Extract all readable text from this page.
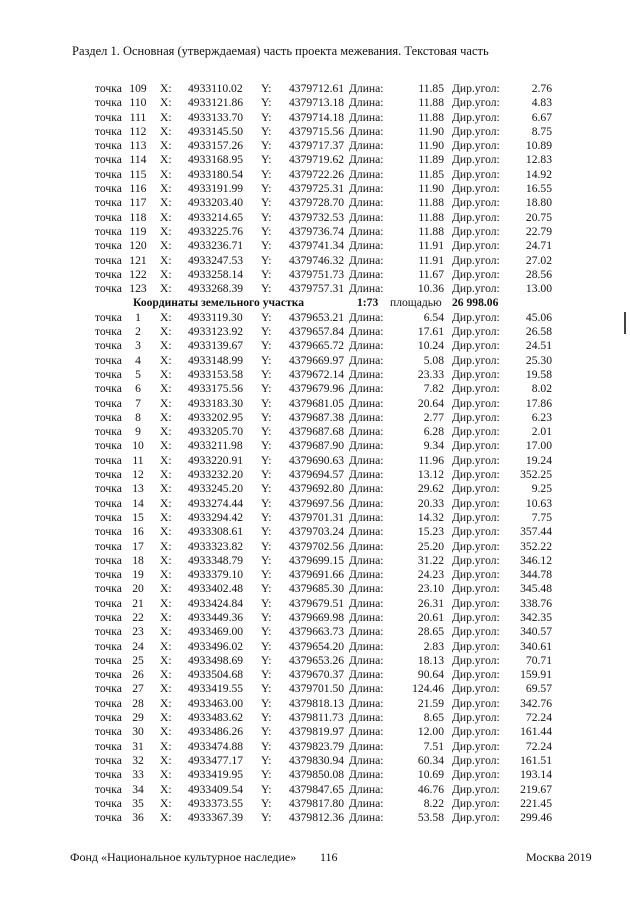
Раздел 1. Основная (утверждаемая) часть проекта межевания. Текстовая часть
точка 109	X: 4933110.02 Y: 4379712.61 Длина:	11.85 Дир.угол:	2.76
точка 110	X: 4933121.86 Y: 4379713.18 Длина:	11.88 Дир.угол:	4.83
точка 111	X: 4933133.70 Y: 4379714.18 Длина:	11.88 Дир.угол:	6.67
точка 112	X: 4933145.50 Y: 4379715.56 Длина:	11.90 Дир.угол:	8.75
точка 113	X: 4933157.26 Y: 4379717.37 Длина:	11.90 Дир.угол:	10.89
точка 114	X: 4933168.95 Y: 4379719.62 Длина:	11.89 Дир.угол:	12.83
точка 115	X: 4933180.54 Y: 4379722.26 Длина:	11.85 Дир.угол:	14.92
точка 116	X: 4933191.99 Y: 4379725.31 Длина:	11.90 Дир.угол:	16.55
точка 117	X: 4933203.40 Y: 4379728.70 Длина:	11.88 Дир.угол:	18.80
точка 118	X: 4933214.65 Y: 4379732.53 Длина:	11.88 Дир.угол:	20.75
точка 119	X: 4933225.76 Y: 4379736.74 Длина:	11.88 Дир.угол:	22.79
точка 120	X: 4933236.71 Y: 4379741.34 Длина:	11.91 Дир.угол:	24.71
точка 121	X: 4933247.53 Y: 4379746.32 Длина:	11.91 Дир.угол:	27.02
точка 122	X: 4933258.14 Y: 4379751.73 Длина:	11.67 Дир.угол:	28.56
точка 123	X: 4933268.39 Y: 4379757.31 Длина:	10.36 Дир.угол:	13.00
Координаты земельного участка	1:73 площадью 26 998.06
точка	1	X: 4933119.30 Y: 4379653.21 Длина:	6.54 Дир.угол:	45.06
точка	2	X: 4933123.92 Y: 4379657.84 Длина:	17.61 Дир.угол:	26.58
точка	3	X: 4933139.67 Y: 4379665.72 Длина:	10.24 Дир.угол:	24.51
точка	4	X: 4933148.99 Y: 4379669.97 Длина:	5.08 Дир.угол:	25.30
точка	5	X: 4933153.58 Y: 4379672.14 Длина:	23.33 Дир.угол:	19.58
точка	6	X: 4933175.56 Y: 4379679.96 Длина:	7.82 Дир.угол:	8.02
точка	7	X: 4933183.30 Y: 4379681.05 Длина:	20.64 Дир.угол:	17.86
точка	8	X: 4933202.95 Y: 4379687.38 Длина:	2.77 Дир.угол:	6.23
точка	9	X: 4933205.70 Y: 4379687.68 Длина:	6.28 Дир.угол:	2.01
точка 10	X: 4933211.98 Y: 4379687.90 Длина:	9.34 Дир.угол:	17.00
точка 11	X: 4933220.91 Y: 4379690.63 Длина:	11.96 Дир.угол:	19.24
точка 12	X: 4933232.20 Y: 4379694.57 Длина:	13.12 Дир.угол:	352.25
точка 13	X: 4933245.20 Y: 4379692.80 Длина:	29.62 Дир.угол:	9.25
точка 14	X: 4933274.44 Y: 4379697.56 Длина:	20.33 Дир.угол:	10.63
точка 15	X: 4933294.42 Y: 4379701.31 Длина:	14.32 Дир.угол:	7.75
точка 16	X: 4933308.61 Y: 4379703.24 Длина:	15.23 Дир.угол:	357.44
точка 17	X: 4933323.82 Y: 4379702.56 Длина:	25.20 Дир.угол:	352.22
точка 18	X: 4933348.79 Y: 4379699.15 Длина:	31.22 Дир.угол:	346.12
точка 19	X: 4933379.10 Y: 4379691.66 Длина:	24.23 Дир.угол:	344.78
точка 20	X: 4933402.48 Y: 4379685.30 Длина:	23.10 Дир.угол:	345.48
точка 21	X: 4933424.84 Y: 4379679.51 Длина:	26.31 Дир.угол:	338.76
точка 22	X: 4933449.36 Y: 4379669.98 Длина:	20.61 Дир.угол:	342.35
точка 23	X: 4933469.00 Y: 4379663.73 Длина:	28.65 Дир.угол:	340.57
точка 24	X: 4933496.02 Y: 4379654.20 Длина:	2.83 Дир.угол:	340.61
точка 25	X: 4933498.69 Y: 4379653.26 Длина:	18.13 Дир.угол:	70.71
точка 26	X: 4933504.68 Y: 4379670.37 Длина:	90.64 Дир.угол:	159.91
точка 27	X: 4933419.55 Y: 4379701.50 Длина:	124.46 Дир.угол:	69.57
точка 28	X: 4933463.00 Y: 4379818.13 Длина:	21.59 Дир.угол:	342.76
точка 29	X: 4933483.62 Y: 4379811.73 Длина:	8.65 Дир.угол:	72.24
точка 30	X: 4933486.26 Y: 4379819.97 Длина:	12.00 Дир.угол:	161.44
точка 31	X: 4933474.88 Y: 4379823.79 Длина:	7.51 Дир.угол:	72.24
точка 32	X: 4933477.17 Y: 4379830.94 Длина:	60.34 Дир.угол:	161.51
точка 33	X: 4933419.95 Y: 4379850.08 Длина:	10.69 Дир.угол:	193.14
точка 34	X: 4933409.54 Y: 4379847.65 Длина:	46.76 Дир.угол:	219.67
точка 35	X: 4933373.55 Y: 4379817.80 Длина:	8.22 Дир.угол:	221.45
точка 36	X: 4933367.39 Y: 4379812.36 Длина:	53.58 Дир.угол:	299.46
Фонд «Национальное культурное наследие» 116	Москва 2019
